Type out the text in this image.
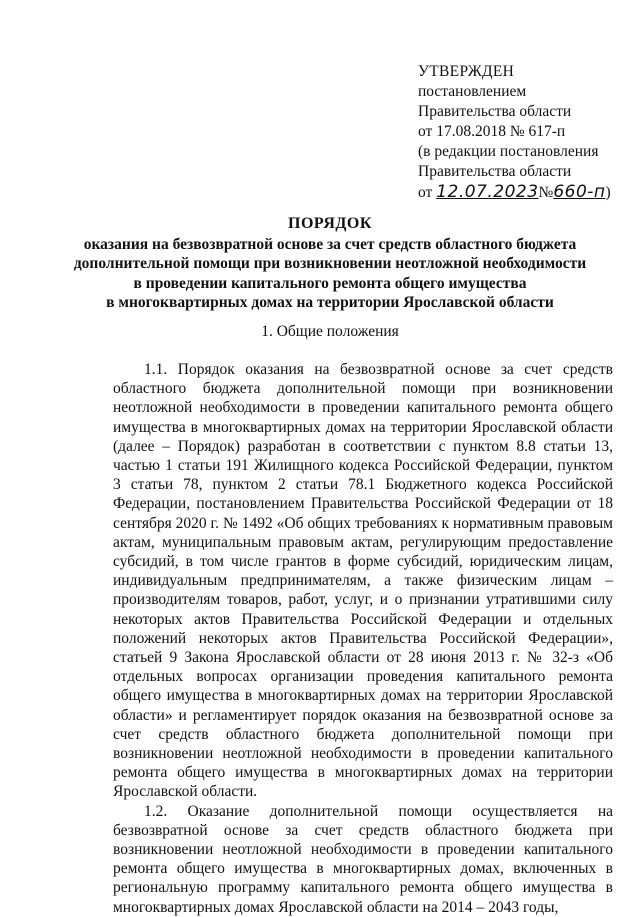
УТВЕРЖДЕН
постановлением
Правительства области
от 17.08.2018 № 617-п
(в редакции постановления
Правительства области
от 12.07.2023№660-п)
ПОРЯДОК
оказания на безвозвратной основе за счет средств областного бюджета
дополнительной помощи при возникновении неотложной необходимости
в проведении капитального ремонта общего имущества
в многоквартирных домах на территории Ярославской области
1. Общие положения

1.1. Порядок оказания на безвозвратной основе за счет средств областного бюджета дополнительной помощи при возникновении неотложной необходимости в проведении капитального ремонта общего имущества в многоквартирных домах на территории Ярославской области (далее – Порядок) разработан в соответствии с пунктом 8.8 статьи 13, частью 1 статьи 191 Жилищного кодекса Российской Федерации, пунктом 3 статьи 78, пунктом 2 статьи 78.1 Бюджетного кодекса Российской Федерации, постановлением Правительства Российской Федерации от 18 сентября 2020 г. № 1492 «Об общих требованиях к нормативным правовым актам, муниципальным правовым актам, регулирующим предоставление субсидий, в том числе грантов в форме субсидий, юридическим лицам, индивидуальным предпринимателям, а также физическим лицам – производителям товаров, работ, услуг, и о признании утратившими силу некоторых актов Правительства Российской Федерации и отдельных положений некоторых актов Правительства Российской Федерации», статьей 9 Закона Ярославской области от 28 июня 2013 г. № 32-з «Об отдельных вопросах организации проведения капитального ремонта общего имущества в многоквартирных домах на территории Ярославской области» и регламентирует порядок оказания на безвозвратной основе за счет средств областного бюджета дополнительной помощи при возникновении неотложной необходимости в проведении капитального ремонта общего имущества в многоквартирных домах на территории Ярославской области.

1.2. Оказание дополнительной помощи осуществляется на безвозвратной основе за счет средств областного бюджета при возникновении неотложной необходимости в проведении капитального ремонта общего имущества в многоквартирных домах, включенных в региональную программу капитального ремонта общего имущества в многоквартирных домах Ярославской области на 2014 – 2043 годы,
